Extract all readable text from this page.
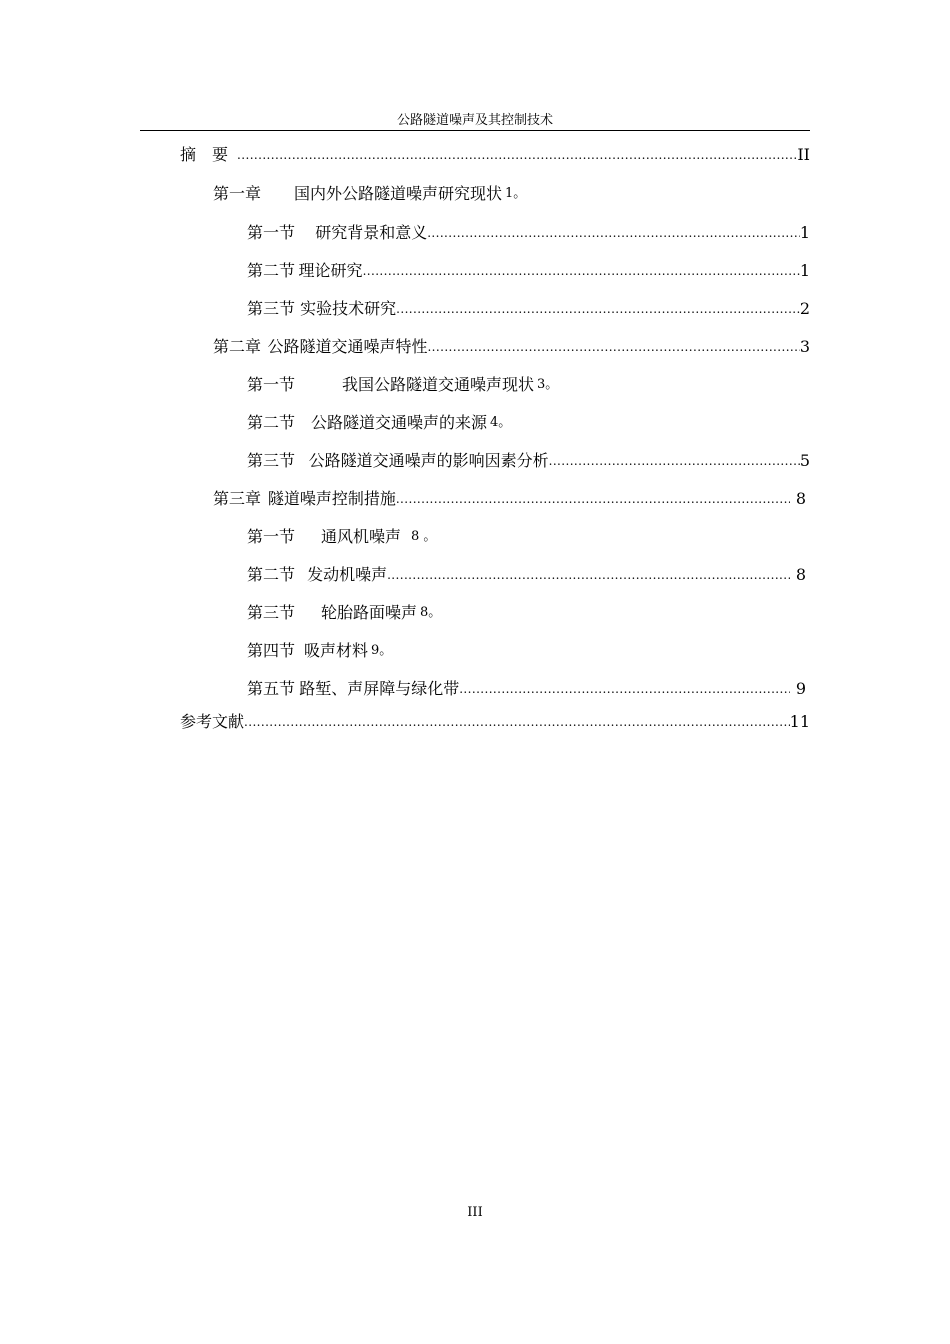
公路隧道噪声及其控制技术
摘　要 .....	II
第一章 国内外公路隧道噪声研究现状 1。
第一节 研究背景和意义 .....	1
第二节 理论研究 .....	1
第三节 实验技术研究 .....	2
第二章 公路隧道交通噪声特性 .....	3
第一节	我国公路隧道交通噪声现状 3。
第二节 公路隧道交通噪声的来源 4。
第三节 公路隧道交通噪声的影响因素分析 .....	5
第三章 隧道噪声控制措施 .....	8
第一节 通风机噪声 8 。
第二节 发动机噪声 .....	8
第三节 轮胎路面噪声 8。
第四节 吸声材料 9。
第五节 路堑、声屏障与绿化带 .....	9
参考文献 .....	11
III
